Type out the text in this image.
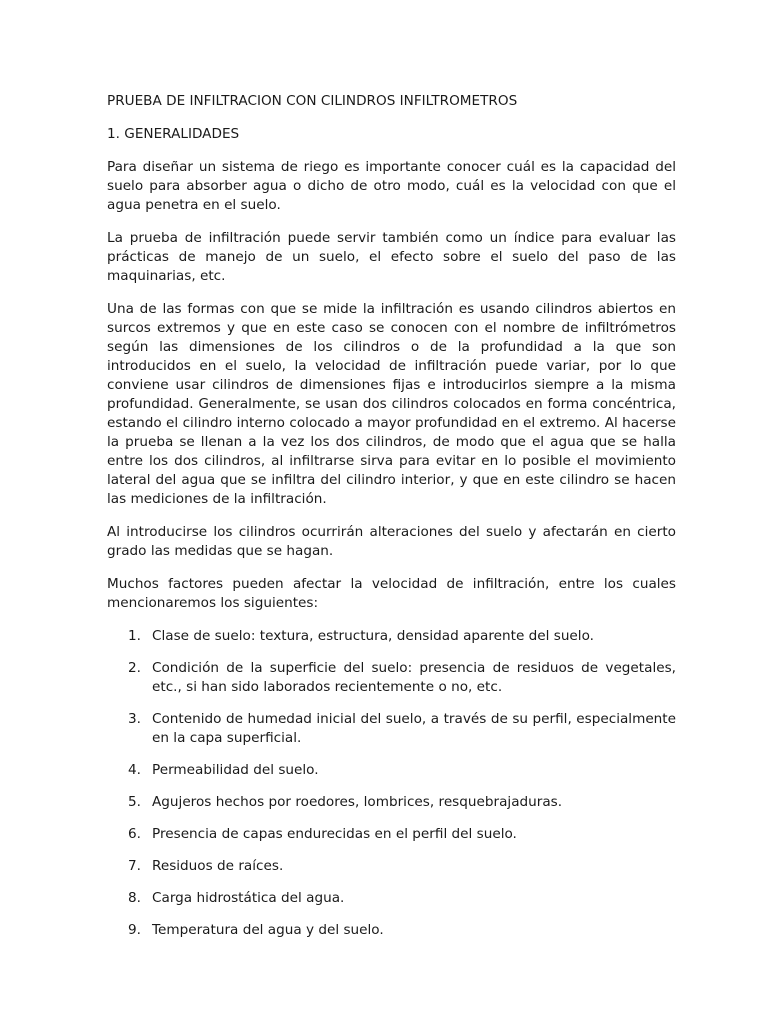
PRUEBA DE INFILTRACION CON CILINDROS INFILTROMETROS
1. GENERALIDADES

Para diseñar un sistema de riego es importante conocer cuál es la capacidad del suelo para absorber agua o dicho de otro modo, cuál es la velocidad con que el agua penetra en el suelo.

La prueba de infiltración puede servir también como un índice para evaluar las prácticas de manejo de un suelo, el efecto sobre el suelo del paso de las maquinarias, etc.

Una de las formas con que se mide la infiltración es usando cilindros abiertos en surcos extremos y que en este caso se conocen con el nombre de infiltrómetros según las dimensiones de los cilindros o de la profundidad a la que son introducidos en el suelo, la velocidad de infiltración puede variar, por lo que conviene usar cilindros de dimensiones fijas e introducirlos siempre a la misma profundidad. Generalmente, se usan dos cilindros colocados en forma concéntrica, estando el cilindro interno colocado a mayor profundidad en el extremo. Al hacerse la prueba se llenan a la vez los dos cilindros, de modo que el agua que se halla entre los dos cilindros, al infiltrarse sirva para evitar en lo posible el movimiento lateral del agua que se infiltra del cilindro interior, y que en este cilindro se hacen las mediciones de la infiltración.

Al introducirse los cilindros ocurrirán alteraciones del suelo y afectarán en cierto grado las medidas que se hagan.

Muchos factores pueden afectar la velocidad de infiltración, entre los cuales mencionaremos los siguientes:

1. Clase de suelo: textura, estructura, densidad aparente del suelo.
2. Condición de la superficie del suelo: presencia de residuos de vegetales, etc., si han sido laborados recientemente o no, etc.
3. Contenido de humedad inicial del suelo, a través de su perfil, especialmente en la capa superficial.
4. Permeabilidad del suelo.
5. Agujeros hechos por roedores, lombrices, resquebrajaduras.
6. Presencia de capas endurecidas en el perfil del suelo.
7. Residuos de raíces.
8. Carga hidrostática del agua.
9. Temperatura del agua y del suelo.
